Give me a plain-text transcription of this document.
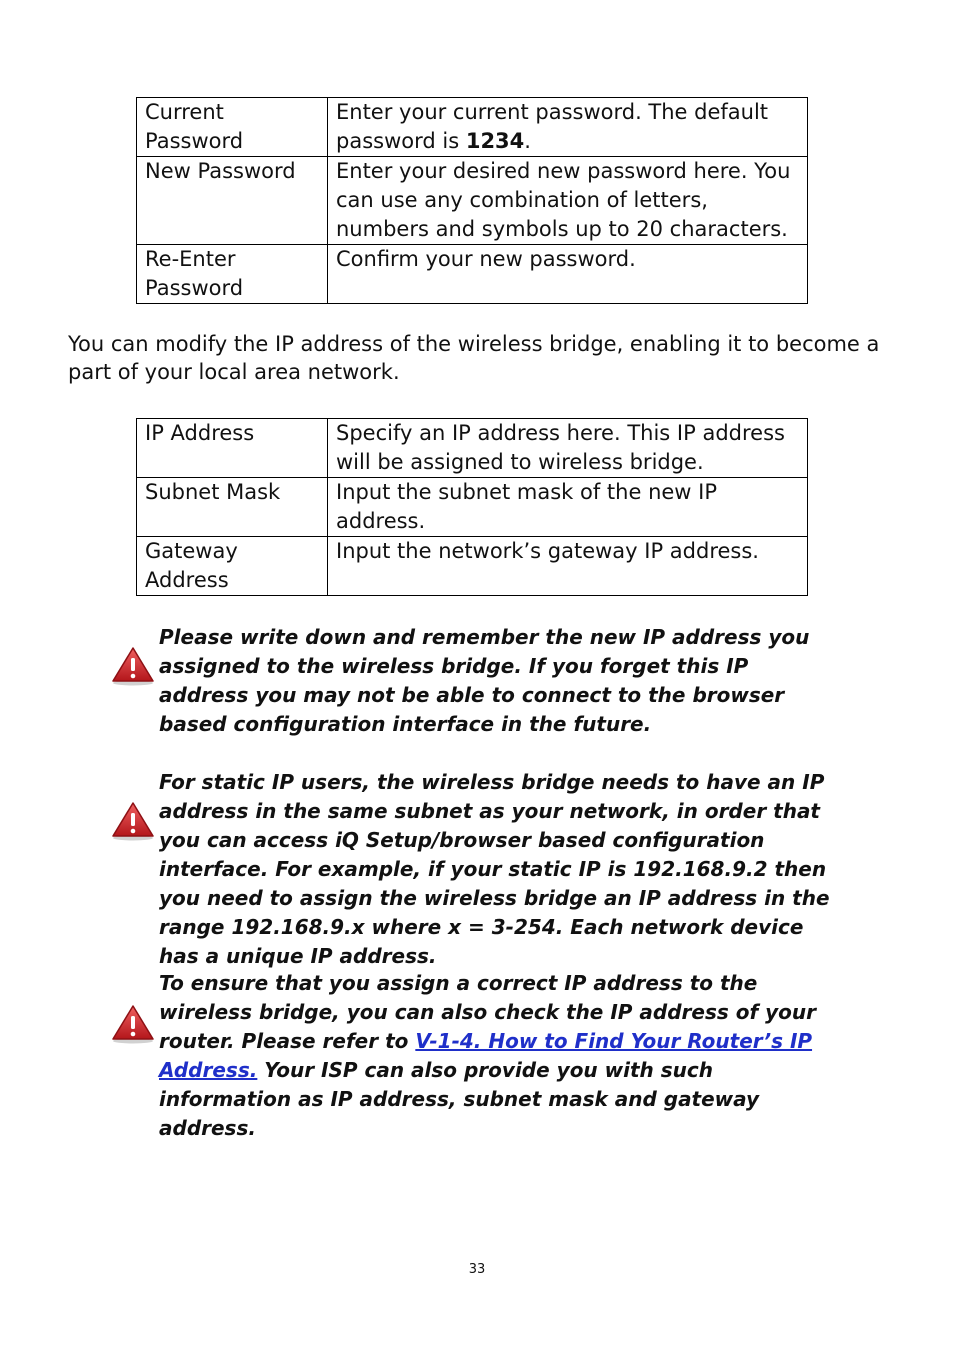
Current Password	Enter your current password. The default password is 1234.
New Password	Enter your desired new password here. You can use any combination of letters, numbers and symbols up to 20 characters.
Re-Enter Password	Confirm your new password.

You can modify the IP address of the wireless bridge, enabling it to become a part of your local area network.

IP Address	Specify an IP address here. This IP address will be assigned to wireless bridge.
Subnet Mask	Input the subnet mask of the new IP address.
Gateway Address	Input the network’s gateway IP address.

Please write down and remember the new IP address you assigned to the wireless bridge. If you forget this IP address you may not be able to connect to the browser based configuration interface in the future.

For static IP users, the wireless bridge needs to have an IP address in the same subnet as your network, in order that you can access iQ Setup/browser based configuration interface. For example, if your static IP is 192.168.9.2 then you need to assign the wireless bridge an IP address in the range 192.168.9.x where x = 3-254. Each network device has a unique IP address.

To ensure that you assign a correct IP address to the wireless bridge, you can also check the IP address of your router. Please refer to V-1-4. How to Find Your Router’s IP Address. Your ISP can also provide you with such information as IP address, subnet mask and gateway address.

33
